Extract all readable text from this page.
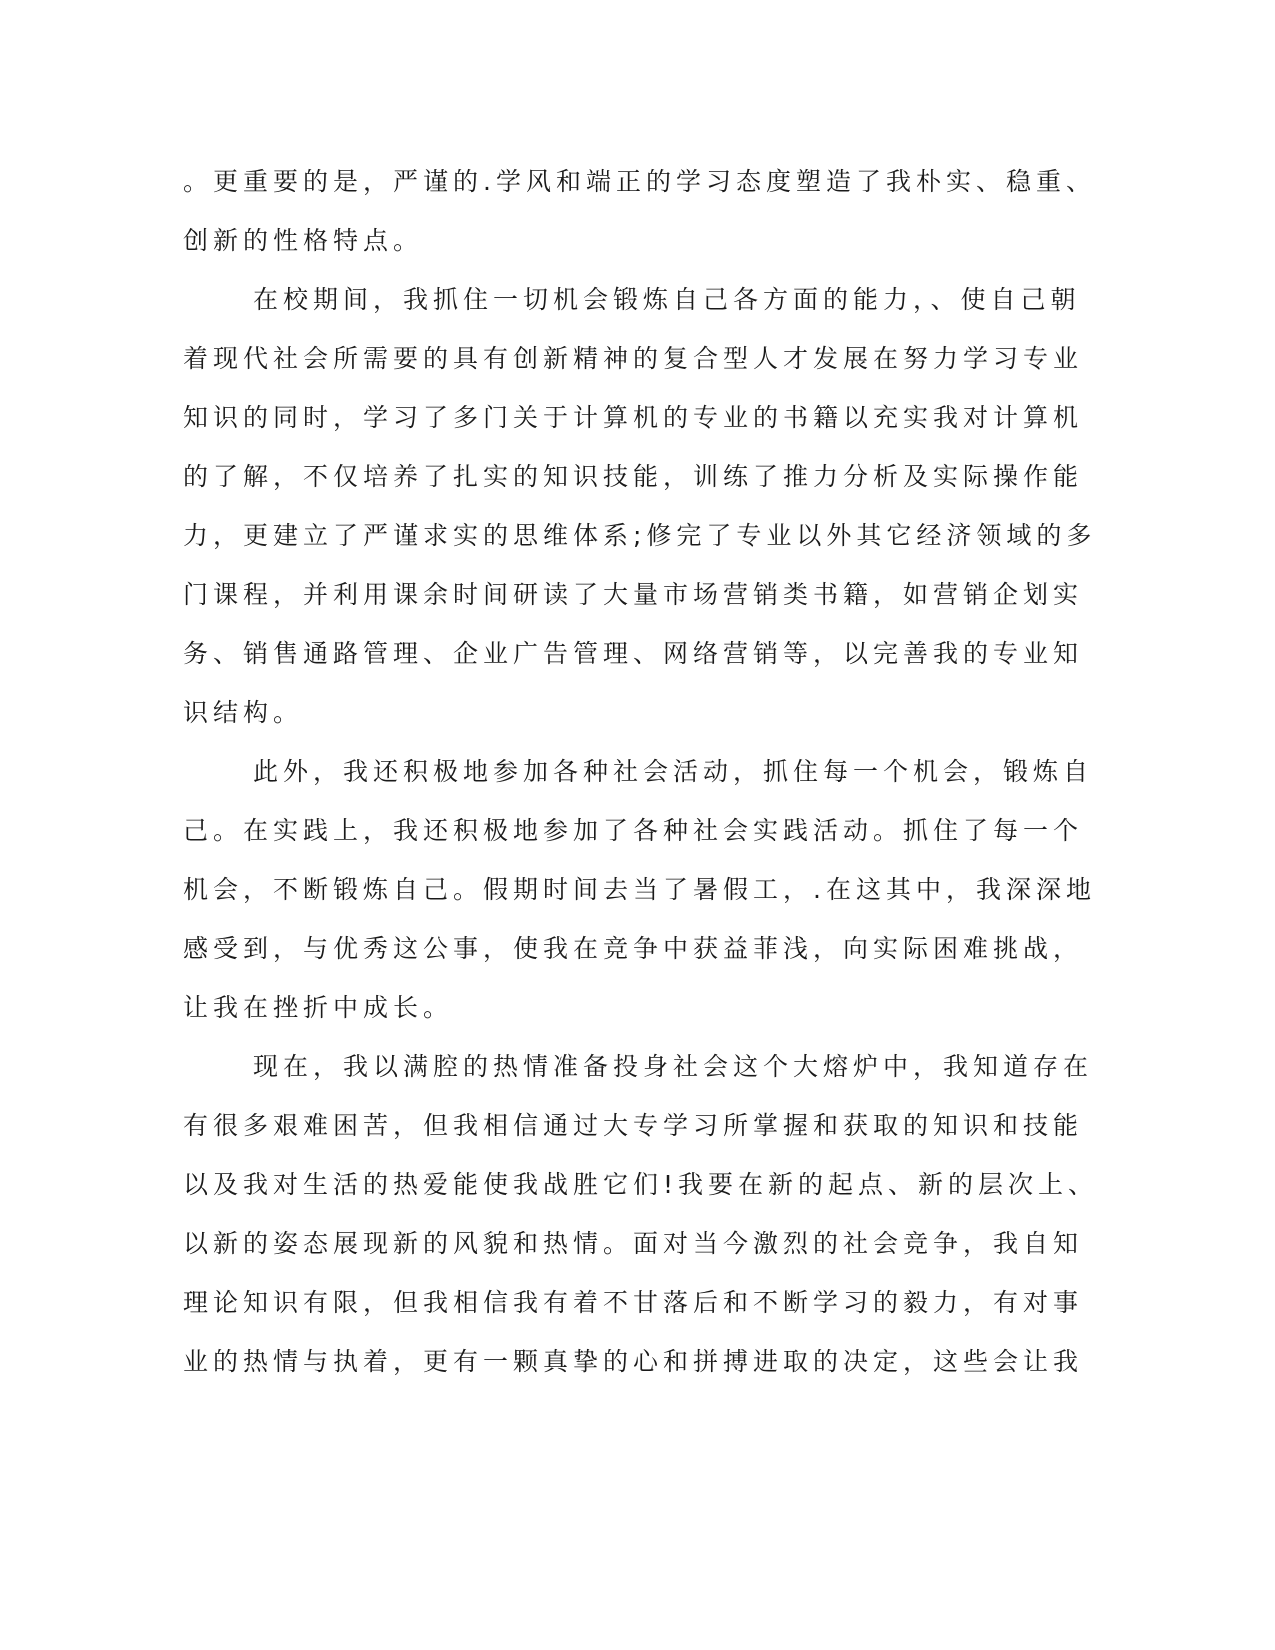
。更重要的是，严谨的.学风和端正的学习态度塑造了我朴实、稳重、
创新的性格特点。
在校期间，我抓住一切机会锻炼自己各方面的能力，、使自己朝
着现代社会所需要的具有创新精神的复合型人才发展在努力学习专业
知识的同时，学习了多门关于计算机的专业的书籍以充实我对计算机
的了解，不仅培养了扎实的知识技能，训练了推力分析及实际操作能
力，更建立了严谨求实的思维体系;修完了专业以外其它经济领域的多
门课程，并利用课余时间研读了大量市场营销类书籍，如营销企划实
务、销售通路管理、企业广告管理、网络营销等，以完善我的专业知
识结构。
此外，我还积极地参加各种社会活动，抓住每一个机会，锻炼自
己。在实践上，我还积极地参加了各种社会实践活动。抓住了每一个
机会，不断锻炼自己。假期时间去当了暑假工，.在这其中，我深深地
感受到，与优秀这公事，使我在竞争中获益菲浅，向实际困难挑战，
让我在挫折中成长。
现在，我以满腔的热情准备投身社会这个大熔炉中，我知道存在
有很多艰难困苦，但我相信通过大专学习所掌握和获取的知识和技能
以及我对生活的热爱能使我战胜它们!我要在新的起点、新的层次上、
以新的姿态展现新的风貌和热情。面对当今激烈的社会竞争，我自知
理论知识有限，但我相信我有着不甘落后和不断学习的毅力，有对事
业的热情与执着，更有一颗真挚的心和拼搏进取的决定，这些会让我
